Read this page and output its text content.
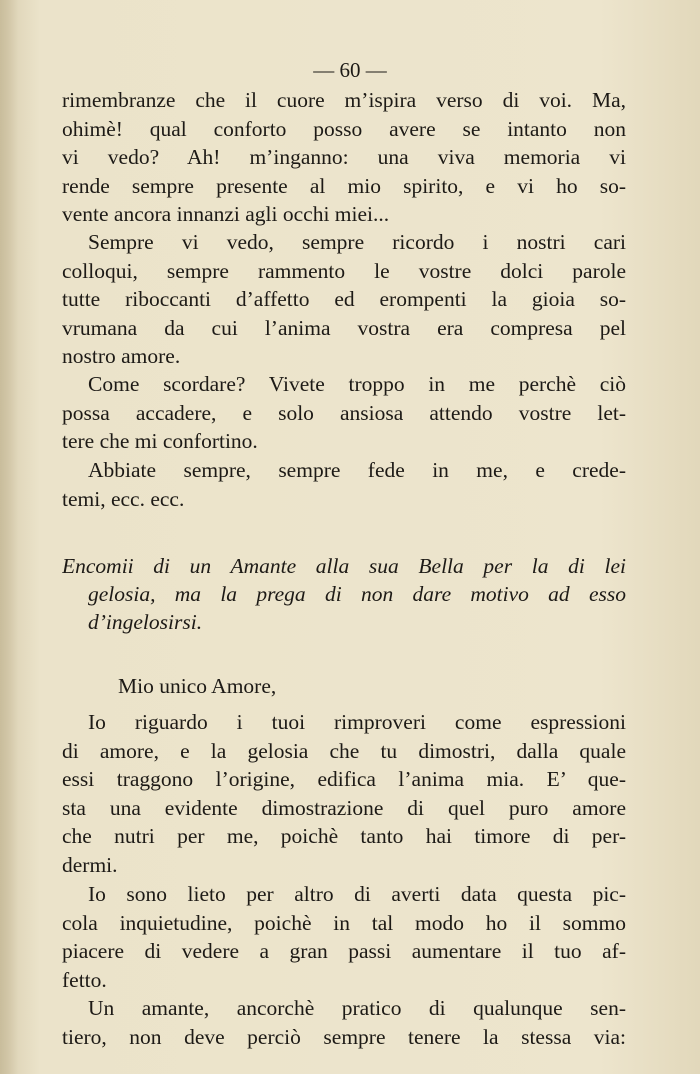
— 60 —
rimembranze che il cuore m’ispira verso di voi. Ma,
ohimè! qual conforto posso avere se intanto non
vi vedo? Ah! m’inganno: una viva memoria vi
rende sempre presente al mio spirito, e vi ho so-
vente ancora innanzi agli occhi miei...
Sempre vi vedo, sempre ricordo i nostri cari
colloqui, sempre rammento le vostre dolci parole
tutte riboccanti d’affetto ed erompenti la gioia so-
vrumana da cui l’anima vostra era compresa pel
nostro amore.
Come scordare? Vivete troppo in me perchè ciò
possa accadere, e solo ansiosa attendo vostre let-
tere che mi confortino.
Abbiate sempre, sempre fede in me, e crede-
temi, ecc. ecc.
Encomii di un Amante alla sua Bella per la di lei
gelosia, ma la prega di non dare motivo ad esso
d’ingelosirsi.
Mio unico Amore,
Io riguardo i tuoi rimproveri come espressioni
di amore, e la gelosia che tu dimostri, dalla quale
essi traggono l’origine, edifica l’anima mia. E’ que-
sta una evidente dimostrazione di quel puro amore
che nutri per me, poichè tanto hai timore di per-
dermi.
Io sono lieto per altro di averti data questa pic-
cola inquietudine, poichè in tal modo ho il sommo
piacere di vedere a gran passi aumentare il tuo af-
fetto.
Un amante, ancorchè pratico di qualunque sen-
tiero, non deve perciò sempre tenere la stessa via:
